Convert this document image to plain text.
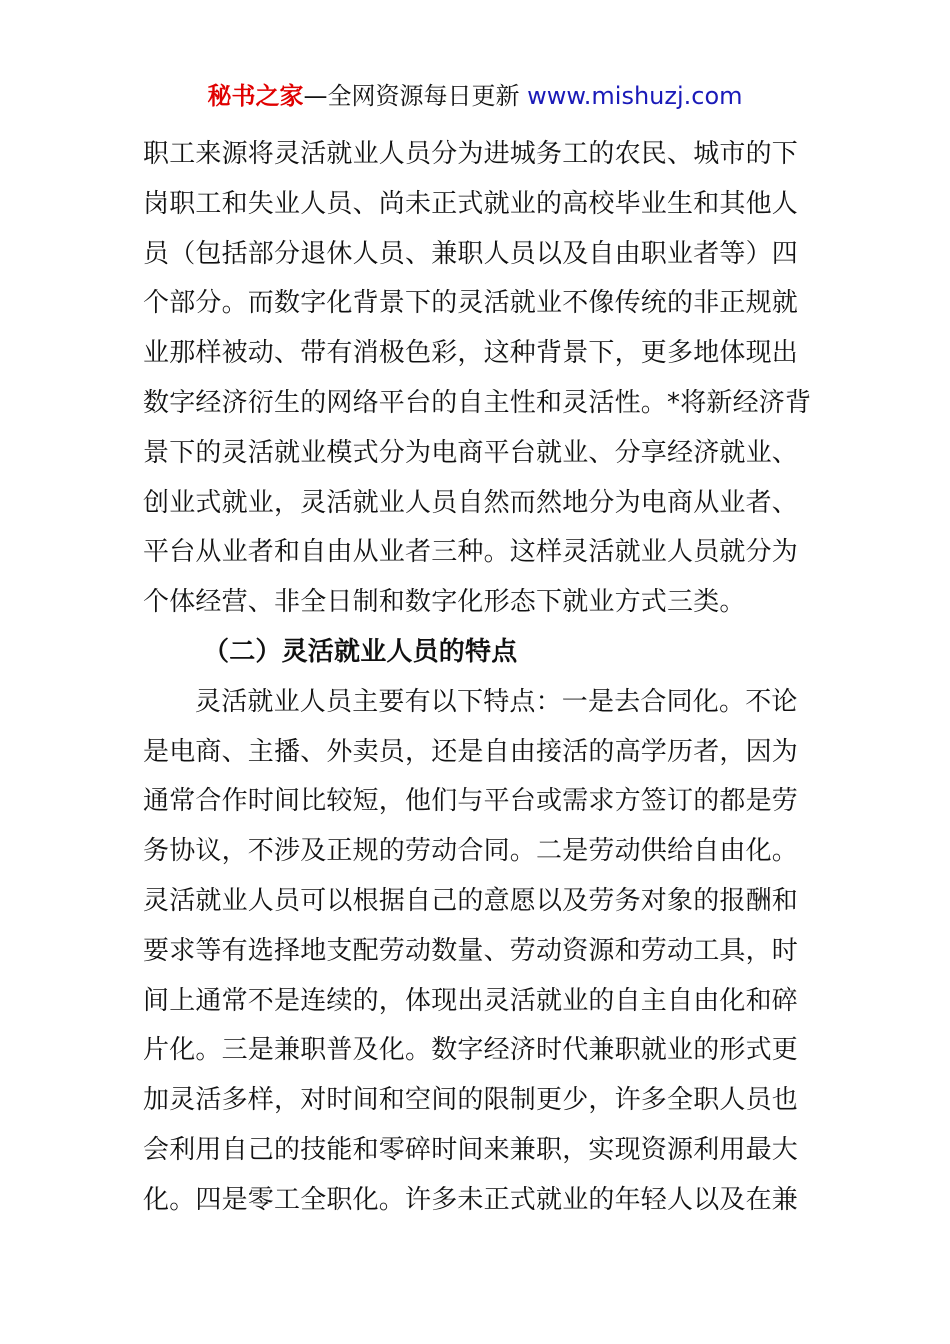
秘书之家—全网资源每日更新 www.mishuzj.com
职工来源将灵活就业人员分为进城务工的农民、城市的下
岗职工和失业人员、尚未正式就业的高校毕业生和其他人
员（包括部分退休人员、兼职人员以及自由职业者等）四
个部分。而数字化背景下的灵活就业不像传统的非正规就
业那样被动、带有消极色彩，这种背景下，更多地体现出
数字经济衍生的网络平台的自主性和灵活性。*将新经济背
景下的灵活就业模式分为电商平台就业、分享经济就业、
创业式就业，灵活就业人员自然而然地分为电商从业者、
平台从业者和自由从业者三种。这样灵活就业人员就分为
个体经营、非全日制和数字化形态下就业方式三类。
（二）灵活就业人员的特点
灵活就业人员主要有以下特点：一是去合同化。不论
是电商、主播、外卖员，还是自由接活的高学历者，因为
通常合作时间比较短，他们与平台或需求方签订的都是劳
务协议，不涉及正规的劳动合同。二是劳动供给自由化。
灵活就业人员可以根据自己的意愿以及劳务对象的报酬和
要求等有选择地支配劳动数量、劳动资源和劳动工具，时
间上通常不是连续的，体现出灵活就业的自主自由化和碎
片化。三是兼职普及化。数字经济时代兼职就业的形式更
加灵活多样，对时间和空间的限制更少，许多全职人员也
会利用自己的技能和零碎时间来兼职，实现资源利用最大
化。四是零工全职化。许多未正式就业的年轻人以及在兼
